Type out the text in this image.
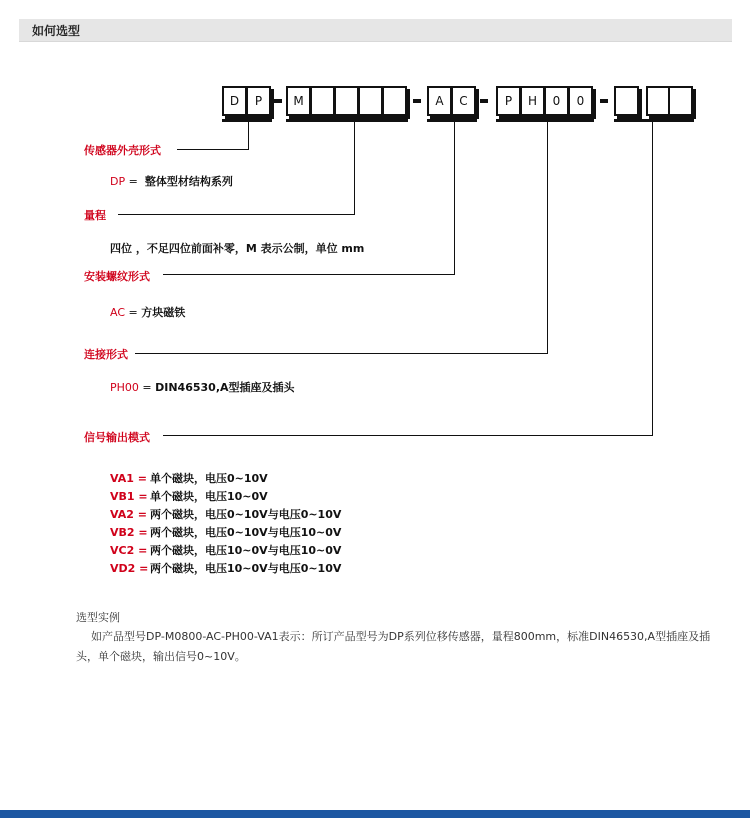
如何选型
D	P	M	A	C	P	H	0	0
传感器外壳形式
DP =  整体型材结构系列
量程
四位 ，不足四位前面补零，M 表示公制，单位 mm
安装螺纹形式
AC = 方块磁铁
连接形式
PH00 = DIN46530,A型插座及插头
信号输出模式
VA1 = 单个磁块，电压0~10V
VB1 = 单个磁块，电压10~0V
VA2 = 两个磁块，电压0~10V与电压0~10V
VB2 = 两个磁块，电压0~10V与电压10~0V
VC2 = 两个磁块，电压10~0V与电压10~0V
VD2 = 两个磁块，电压10~0V与电压0~10V
选型实例
如产品型号DP-M0800-AC-PH00-VA1表示：所订产品型号为DP系列位移传感器，量程800mm，标准DIN46530,A型插座及插头，单个磁块，输出信号0~10V。
